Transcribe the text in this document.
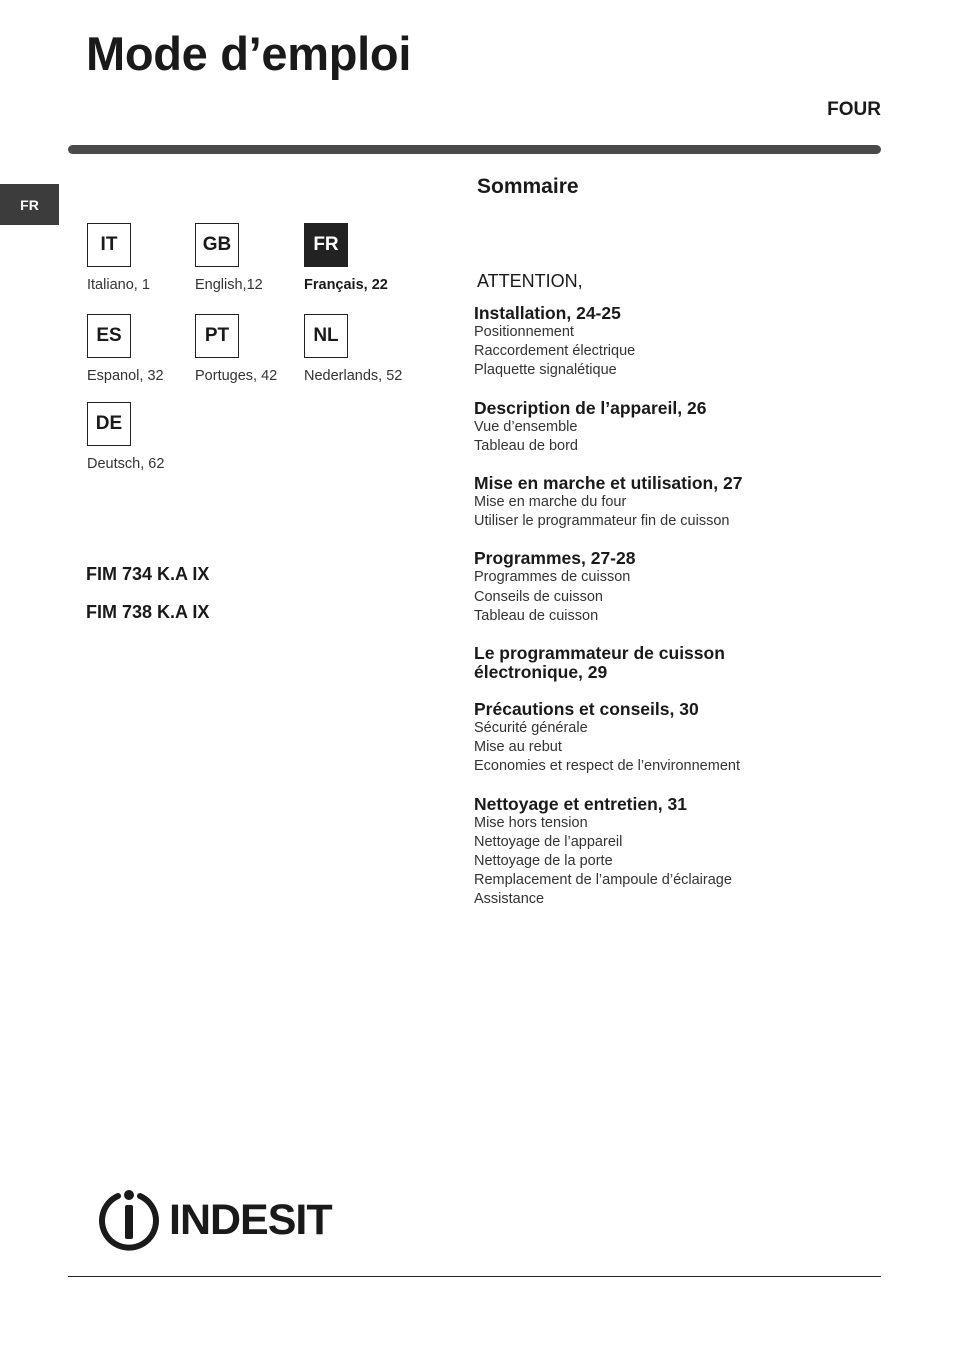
Mode d’emploi
FOUR
FR
IT
Italiano, 1
GB
English,12
FR
Français, 22
ES
Espanol, 32
PT
Portuges, 42
NL
Nederlands, 52
DE
Deutsch, 62
FIM 734 K.A IX
FIM 738 K.A IX
Sommaire
ATTENTION,
Installation, 24-25
Positionnement
Raccordement électrique
Plaquette signalétique
Description de l’appareil, 26
Vue d’ensemble
Tableau de bord
Mise en marche et utilisation, 27
Mise en marche du four
Utiliser le programmateur fin de cuisson
Programmes, 27-28
Programmes de cuisson
Conseils de cuisson
Tableau de cuisson
Le programmateur de cuisson
électronique, 29
Précautions et conseils, 30
Sécurité générale
Mise au rebut
Economies et respect de l’environnement
Nettoyage et entretien, 31
Mise hors tension
Nettoyage de l’appareil
Nettoyage de la porte
Remplacement de l’ampoule d’éclairage
Assistance
INDESIT
